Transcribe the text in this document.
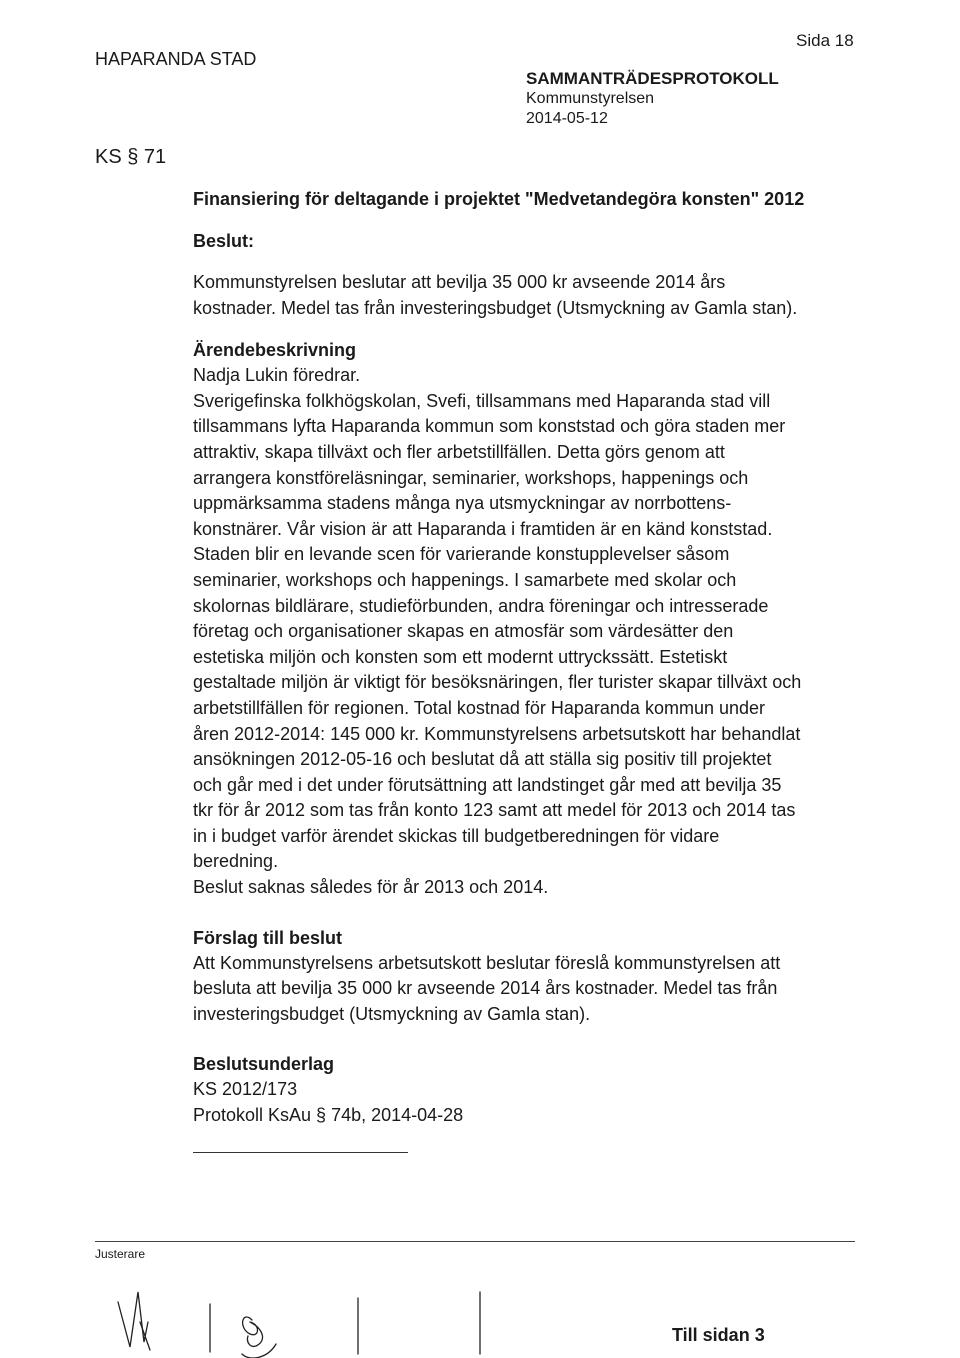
HAPARANDA STAD
Sida 18
SAMMANTRÄDESPROTOKOLL
Kommunstyrelsen
2014-05-12
KS § 71
Finansiering för deltagande i projektet "Medvetandegöra konsten" 2012
Beslut:

Kommunstyrelsen beslutar att bevilja 35 000 kr avseende 2014 års

kostnader. Medel tas från investeringsbudget (Utsmyckning av Gamla stan).

Ärendebeskrivning

Nadja Lukin föredrar.

Sverigefinska folkhögskolan, Svefi, tillsammans med Haparanda stad vill

tillsammans lyfta Haparanda kommun som konststad och göra staden mer

attraktiv, skapa tillväxt och fler arbetstillfällen. Detta görs genom att

arrangera konstföreläsningar, seminarier, workshops, happenings och

uppmärksamma stadens många nya utsmyckningar av norrbottens-

konstnärer. Vår vision är att Haparanda i framtiden är en känd konststad.

Staden blir en levande scen för varierande konstupplevelser såsom

seminarier, workshops och happenings. I samarbete med skolar och

skolornas bildlärare, studieförbunden, andra föreningar och intresserade

företag och organisationer skapas en atmosfär som värdesätter den

estetiska miljön och konsten som ett modernt uttryckssätt. Estetiskt

gestaltade miljön är viktigt för besöksnäringen, fler turister skapar tillväxt och

arbetstillfällen för regionen. Total kostnad för Haparanda kommun under

åren 2012-2014: 145 000 kr. Kommunstyrelsens arbetsutskott har behandlat

ansökningen 2012-05-16 och beslutat då att ställa sig positiv till projektet

och går med i det under förutsättning att landstinget går med att bevilja 35

tkr för år 2012 som tas från konto 123 samt att medel för 2013 och 2014 tas

in i budget varför ärendet skickas till budgetberedningen för vidare

beredning.

Beslut saknas således för år 2013 och 2014.

Förslag till beslut

Att Kommunstyrelsens arbetsutskott beslutar föreslå kommunstyrelsen att

besluta att bevilja 35 000 kr avseende 2014 års kostnader. Medel tas från

investeringsbudget (Utsmyckning av Gamla stan).

Beslutsunderlag

KS 2012/173

Protokoll KsAu § 74b, 2014-04-28

Justerare
Till sidan 3
